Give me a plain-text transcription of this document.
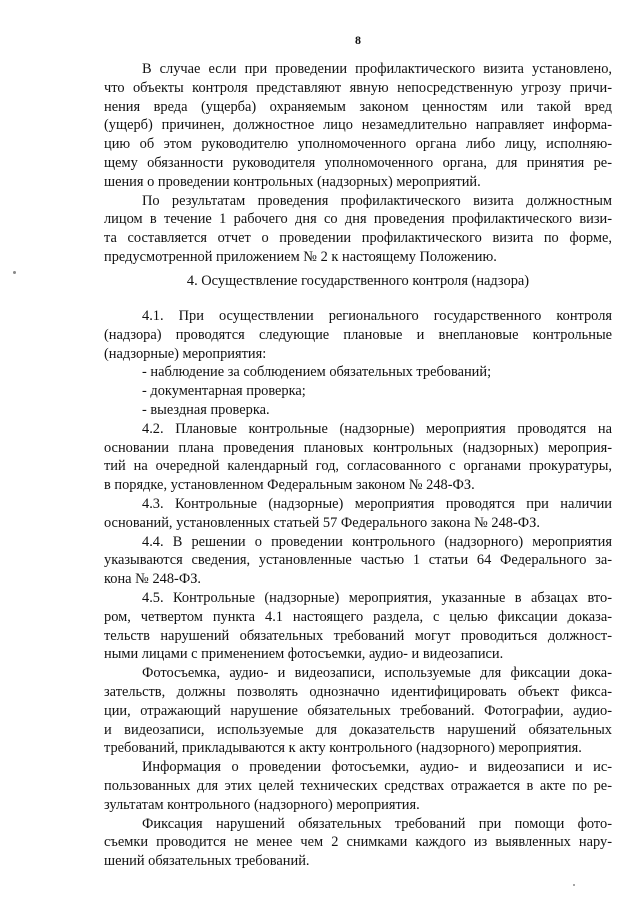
8
В случае если при проведении профилактического визита установлено,
что объекты контроля представляют явную непосредственную угрозу причи-
нения вреда (ущерба) охраняемым законом ценностям или такой вред
(ущерб) причинен, должностное лицо незамедлительно направляет информа-
цию об этом руководителю уполномоченного органа либо лицу, исполняю-
щему обязанности руководителя уполномоченного органа, для принятия ре-
шения о проведении контрольных (надзорных) мероприятий.
По результатам проведения профилактического визита должностным
лицом в течение 1 рабочего дня со дня проведения профилактического визи-
та составляется отчет о проведении профилактического визита по форме,
предусмотренной приложением № 2 к настоящему Положению.
4. Осуществление государственного контроля (надзора)
4.1. При осуществлении регионального государственного контроля
(надзора) проводятся следующие плановые и внеплановые контрольные
(надзорные) мероприятия:
- наблюдение за соблюдением обязательных требований;
- документарная проверка;
- выездная проверка.
4.2. Плановые контрольные (надзорные) мероприятия проводятся на
основании плана проведения плановых контрольных (надзорных) мероприя-
тий на очередной календарный год, согласованного с органами прокуратуры,
в порядке, установленном Федеральным законом № 248-ФЗ.
4.3. Контрольные (надзорные) мероприятия проводятся при наличии
оснований, установленных статьей 57 Федерального закона № 248-ФЗ.
4.4. В решении о проведении контрольного (надзорного) мероприятия
указываются сведения, установленные частью 1 статьи 64 Федерального за-
кона № 248-ФЗ.
4.5. Контрольные (надзорные) мероприятия, указанные в абзацах вто-
ром, четвертом пункта 4.1 настоящего раздела, с целью фиксации доказа-
тельств нарушений обязательных требований могут проводиться должност-
ными лицами с применением фотосъемки, аудио- и видеозаписи.
Фотосъемка, аудио- и видеозаписи, используемые для фиксации дока-
зательств, должны позволять однозначно идентифицировать объект фикса-
ции, отражающий нарушение обязательных требований. Фотографии, аудио-
и видеозаписи, используемые для доказательств нарушений обязательных
требований, прикладываются к акту контрольного (надзорного) мероприятия.
Информация о проведении фотосъемки, аудио- и видеозаписи и ис-
пользованных для этих целей технических средствах отражается в акте по ре-
зультатам контрольного (надзорного) мероприятия.
Фиксация нарушений обязательных требований при помощи фото-
съемки проводится не менее чем 2 снимками каждого из выявленных нару-
шений обязательных требований.
